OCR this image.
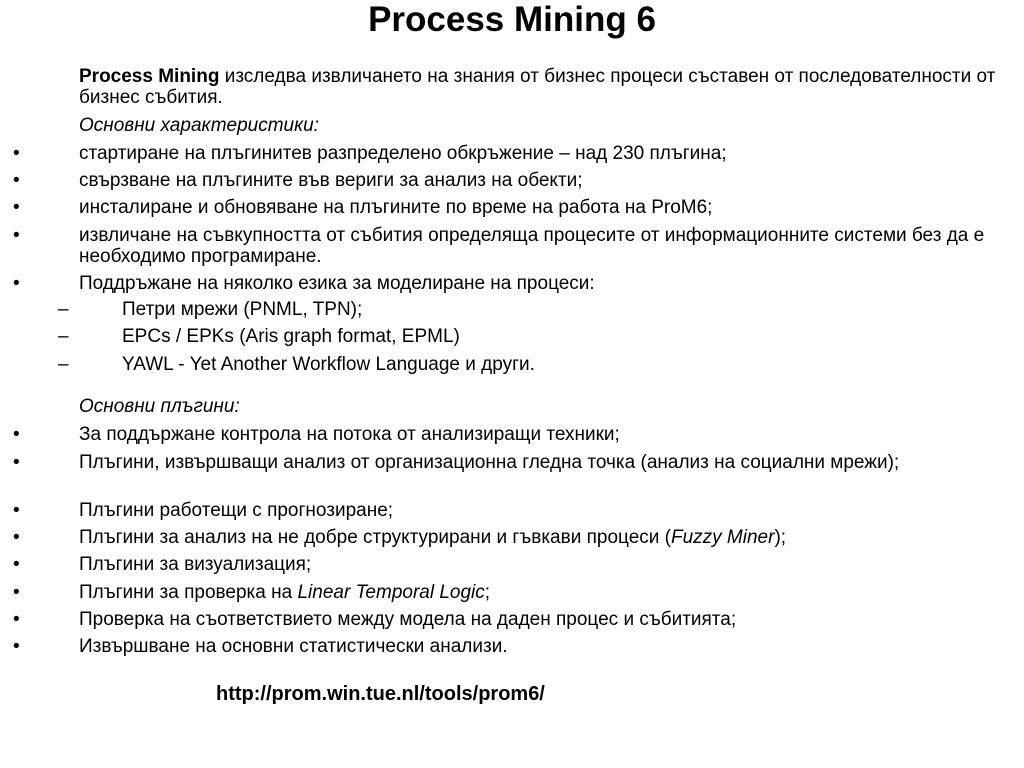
Process Mining 6
Process Mining изследва извличането на знания от бизнес процеси съставен от последователности от бизнес събития.
Основни характеристики:
•	стартиране на плъгинитев разпределено обкръжение – над 230 плъгина;
•	свързване на плъгините във вериги за анализ на обекти;
•	инсталиране и обновяване на плъгините по време на работа на ProM6;
•	извличане на съвкупността от събития определяща процесите от информационните системи без да е необходимо програмиране.
•	Поддръжане на няколко езика за моделиране на процеси:
–	Петри мрежи (PNML, TPN);
–	EPCs / EPKs (Aris graph format, EPML)
–	YAWL - Yet Another Workflow Language и други.
Основни плъгини:
•	За поддържане контрола на потока от анализиращи техники;
•	Плъгини, извършващи анализ от организационна гледна точка (анализ на социални мрежи);
•	Плъгини работещи с прогнозиране;
•	Плъгини за анализ на не добре структурирани и гъвкави процеси (Fuzzy Miner);
•	Плъгини за визуализация;
•	Плъгини за проверка на Linear Temporal Logic;
•	Проверка на съответствието между модела на даден процес и събитията;
•	Извършване на основни статистически анализи.
http://prom.win.tue.nl/tools/prom6/
